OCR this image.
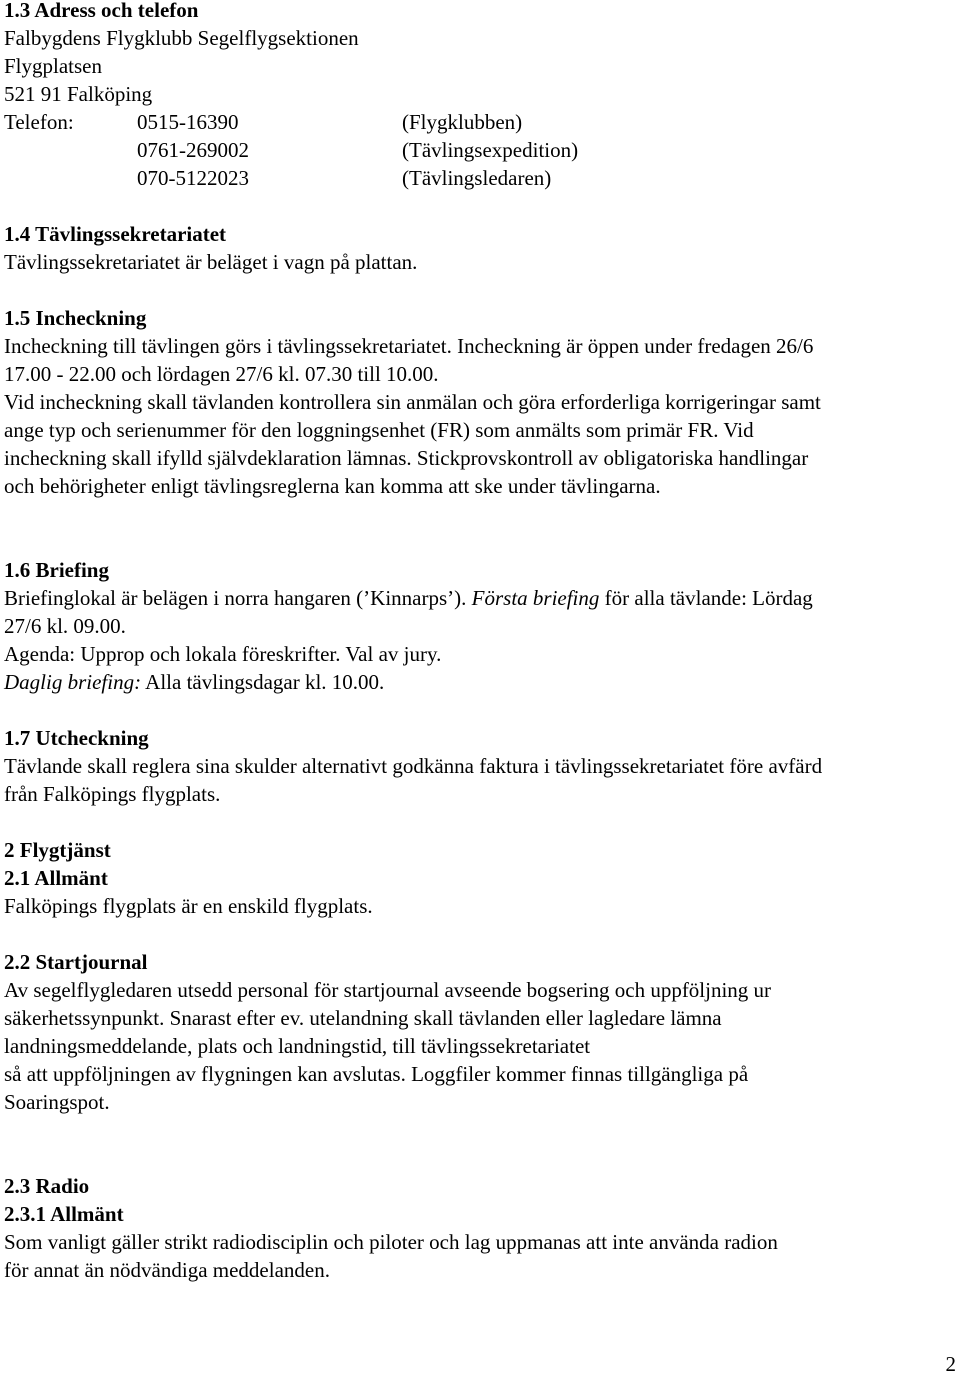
1.3 Adress och telefon
Falbygdens Flygklubb Segelflygsektionen
Flygplatsen
521 91 Falköping
Telefon:	0515-16390	(Flygklubben)
0761-269002	(Tävlingsexpedition)
070-5122023	(Tävlingsledaren)
1.4 Tävlingssekretariatet
Tävlingssekretariatet är beläget i vagn på plattan.
1.5 Incheckning
Incheckning till tävlingen görs i tävlingssekretariatet. Incheckning är öppen under fredagen 26/6
17.00 - 22.00 och lördagen 27/6 kl. 07.30 till 10.00.
Vid incheckning skall tävlanden kontrollera sin anmälan och göra erforderliga korrigeringar samt
ange typ och serienummer för den loggningsenhet (FR) som anmälts som primär FR. Vid
incheckning skall ifylld självdeklaration lämnas. Stickprovskontroll av obligatoriska handlingar
och behörigheter enligt tävlingsreglerna kan komma att ske under tävlingarna.
1.6 Briefing
Briefinglokal är belägen i norra hangaren (’Kinnarps’). Första briefing för alla tävlande: Lördag
27/6 kl. 09.00.
Agenda: Upprop och lokala föreskrifter. Val av jury.
Daglig briefing: Alla tävlingsdagar kl. 10.00.
1.7 Utcheckning
Tävlande skall reglera sina skulder alternativt godkänna faktura i tävlingssekretariatet före avfärd
från Falköpings flygplats.
2 Flygtjänst
2.1 Allmänt
Falköpings flygplats är en enskild flygplats.
2.2 Startjournal
Av segelflygledaren utsedd personal för startjournal avseende bogsering och uppföljning ur
säkerhetssynpunkt. Snarast efter ev. utelandning skall tävlanden eller lagledare lämna
landningsmeddelande, plats och landningstid, till tävlingssekretariatet
så att uppföljningen av flygningen kan avslutas. Loggfiler kommer finnas tillgängliga på
Soaringspot.
2.3 Radio
2.3.1 Allmänt
Som vanligt gäller strikt radiodisciplin och piloter och lag uppmanas att inte använda radion
för annat än nödvändiga meddelanden.
2
